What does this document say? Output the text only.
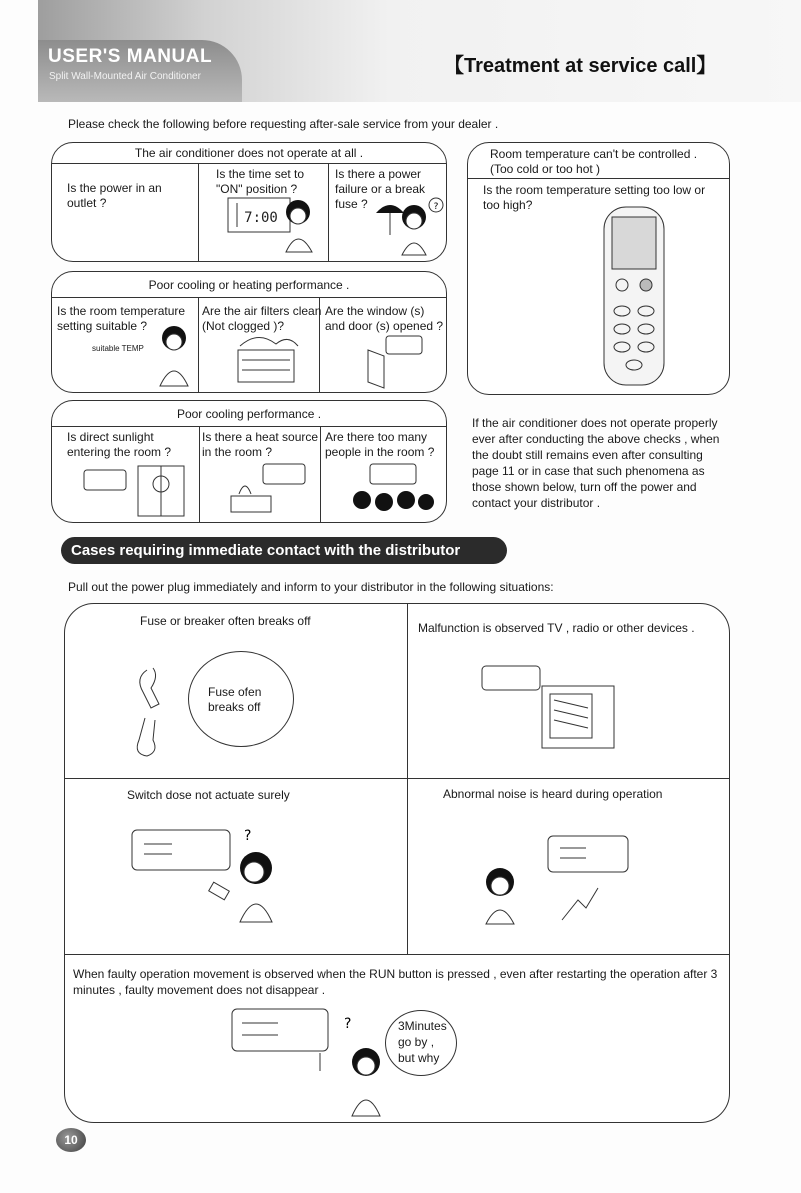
USER'S MANUAL
Split Wall-Mounted Air Conditioner	【Treatment at service call】
Please check the following before requesting after-sale service from your dealer .
The air conditioner does not operate at all .
Is the power in an outlet ?
Is the time set to "ON" position ?
Is there a power failure or a break fuse ?
7:00
?
Poor cooling or heating performance .
Is the room temperature setting suitable ?
Are the air filters clean (Not clogged )?
Are the window (s) and door (s) opened ?
suitable TEMP
Poor cooling performance .
Is direct sunlight entering the room ?
Is there a heat source in the room ?
Are there too many people in the room ?
Room temperature can't be controlled .
(Too cold or too hot )
Is the room temperature setting too low or too high?
If the air conditioner does not operate properly ever after conducting the above checks , when the doubt still remains even after consulting page 11 or in case that such phenomena as those shown below, turn off the power and contact your distributor .
Cases requiring immediate contact with the distributor
Pull out the power plug immediately and inform to your distributor in the following situations:
Fuse or breaker often breaks off	Malfunction is observed TV , radio or other devices .
Switch dose not actuate surely	Abnormal noise is heard during operation
When faulty operation movement is observed when the RUN button is pressed , even after restarting the operation after 3 minutes , faulty movement does not disappear .
Fuse ofen breaks off
?
?	3Minutes go by , but why
10
